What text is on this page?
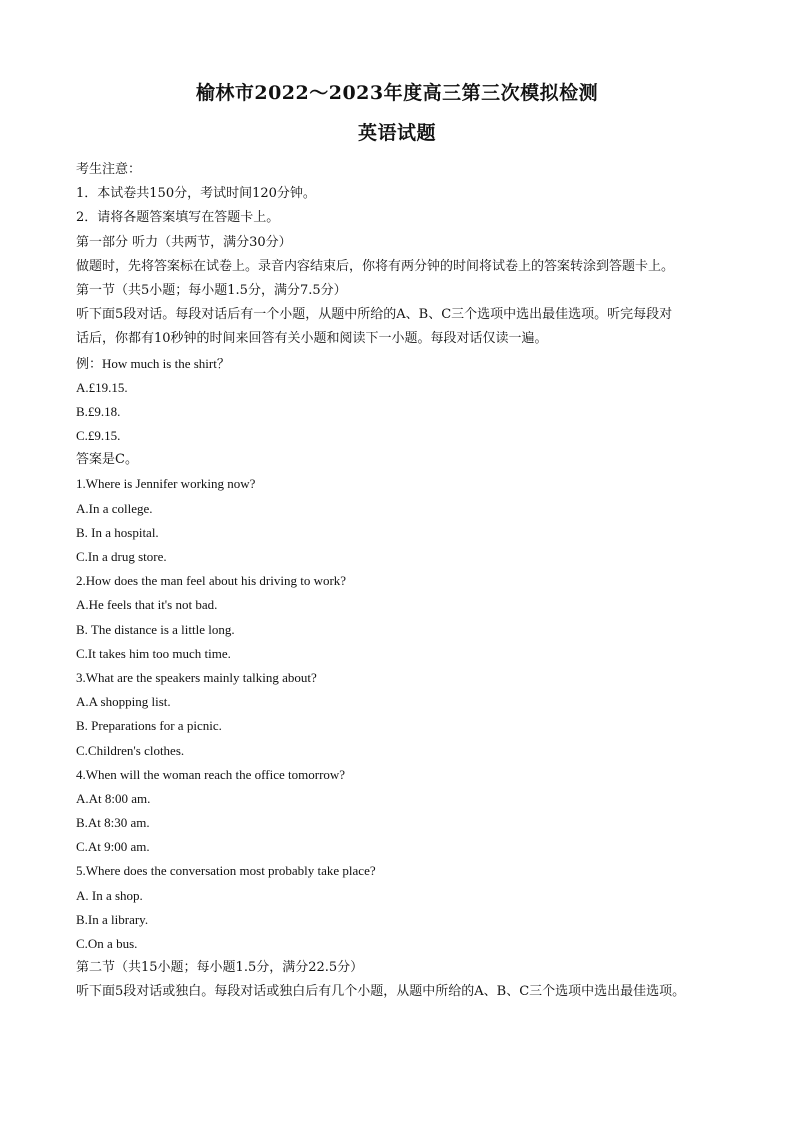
榆林市2022～2023年度高三第三次模拟检测
英语试题
考生注意：
1．本试卷共150分，考试时间120分钟。
2．请将各题答案填写在答题卡上。
第一部分 听力（共两节，满分30分）
做题时，先将答案标在试卷上。录音内容结束后，你将有两分钟的时间将试卷上的答案转涂到答题卡上。
第一节（共5小题；每小题1.5分，满分7.5分）
听下面5段对话。每段对话后有一个小题，从题中所给的A、B、C三个选项中选出最佳选项。听完每段对
话后，你都有10秒钟的时间来回答有关小题和阅读下一小题。每段对话仅读一遍。
例：How much is the shirt？
A.£19.15.
B.£9.18.
C.£9.15.
答案是C。
1.Where is Jennifer working now?
A.In a college.
B. In a hospital.
C.In a drug store.
2.How does the man feel about his driving to work?
A.He feels that it's not bad.
B. The distance is a little long.
C.It takes him too much time.
3.What are the speakers mainly talking about?
A.A shopping list.
B. Preparations for a picnic.
C.Children's clothes.
4.When will the woman reach the office tomorrow?
A.At 8:00 am.
B.At 8:30 am.
C.At 9:00 am.
5.Where does the conversation most probably take place?
A. In a shop.
B.In a library.
C.On a bus.
第二节（共15小题；每小题1.5分，满分22.5分）
听下面5段对话或独白。每段对话或独白后有几个小题，从题中所给的A、B、C三个选项中选出最佳选项。
